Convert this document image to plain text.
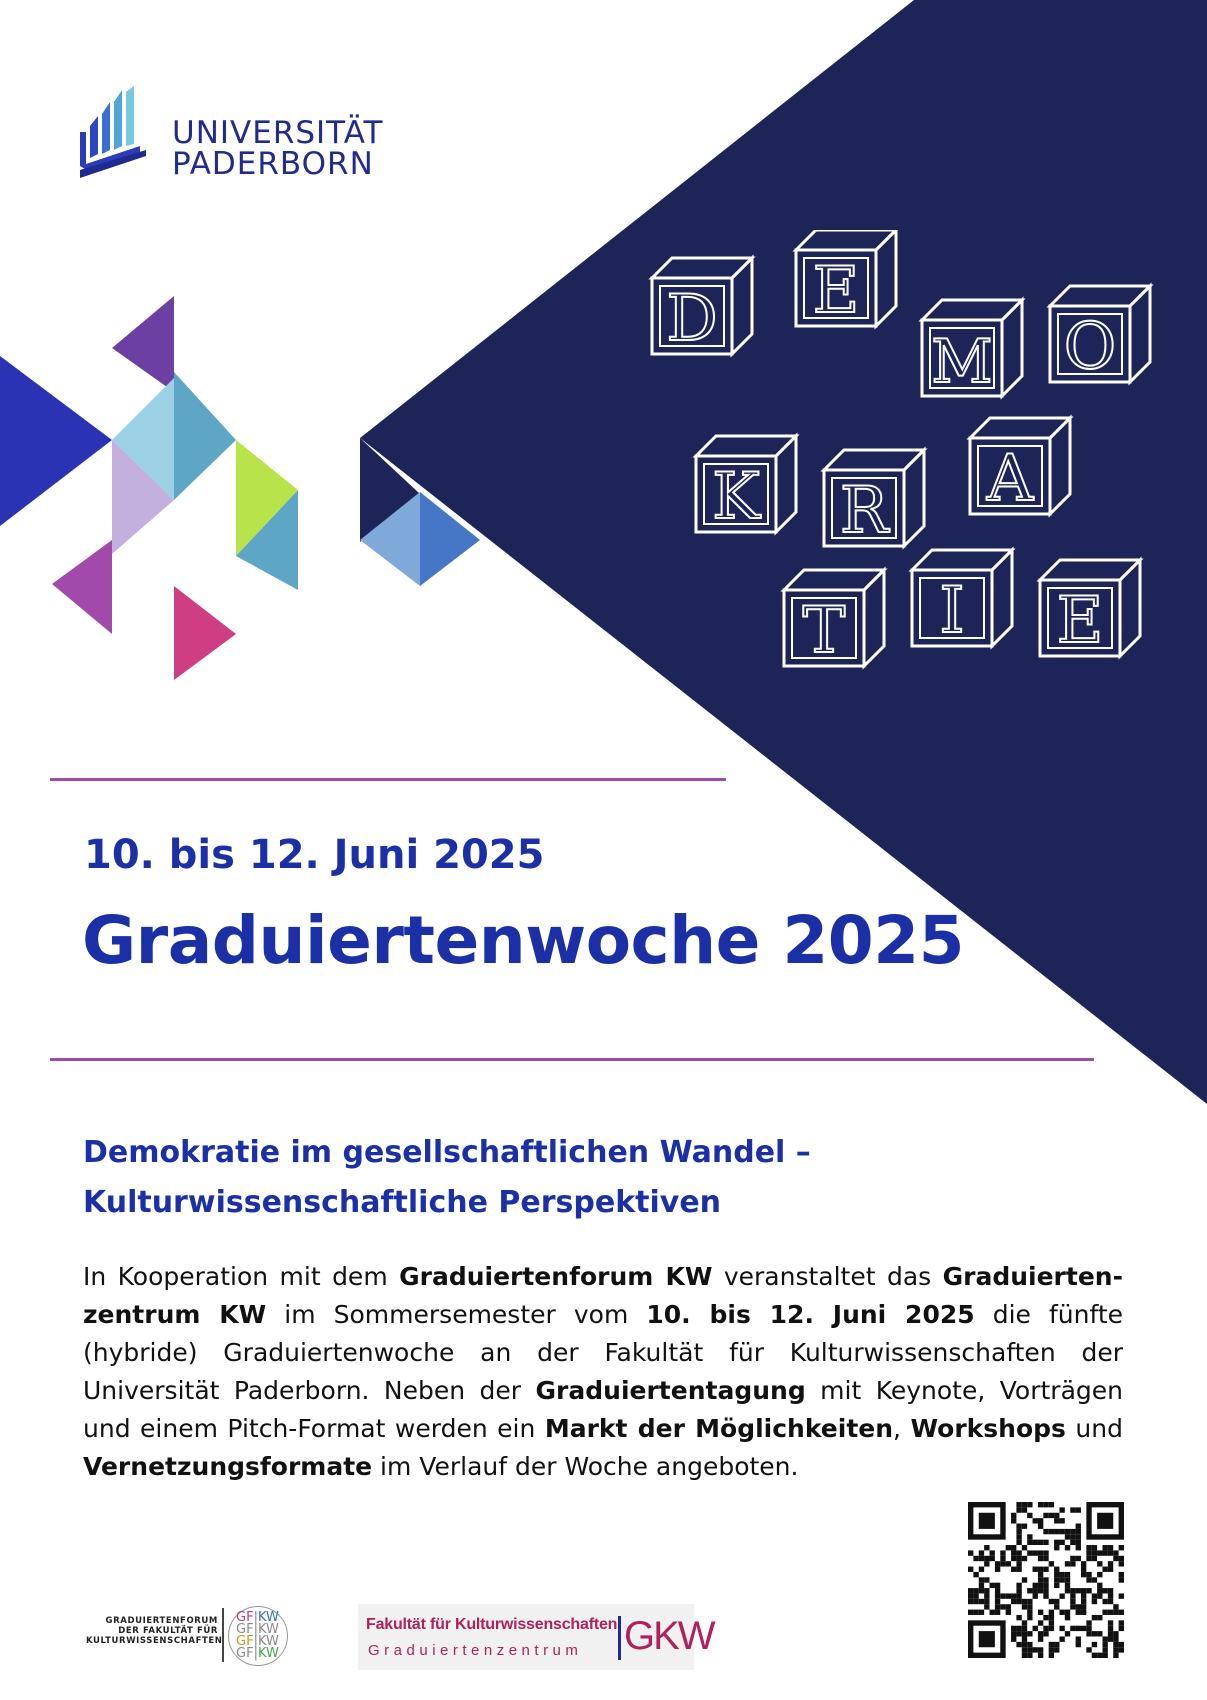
UNIVERSITÄT
PADERBORN
D E
M O
K R A
T I E
10. bis 12. Juni 2025
Graduiertenwoche 2025
Demokratie im gesellschaftlichen Wandel –
Kulturwissenschaftliche Perspektiven
In Kooperation mit dem Graduiertenforum KW veranstaltet das Graduiertenzentrum KW im Sommersemester vom 10. bis 12. Juni 2025 die fünfte (hybride) Graduiertenwoche an der Fakultät für Kulturwissenschaften der Universität Paderborn. Neben der Graduiertentagung mit Keynote, Vorträgen und einem Pitch-Format werden ein Markt der Möglichkeiten, Workshops und Vernetzungsformate im Verlauf der Woche angeboten.
GRADUIERTENFORUM
DER FAKULTÄT FÜR
KULTURWISSENSCHAFTEN
GF|KW
GF|KW
GF|KW
GF|KW
Fakultät für Kulturwissenschaften
Graduiertenzentrum GKW
